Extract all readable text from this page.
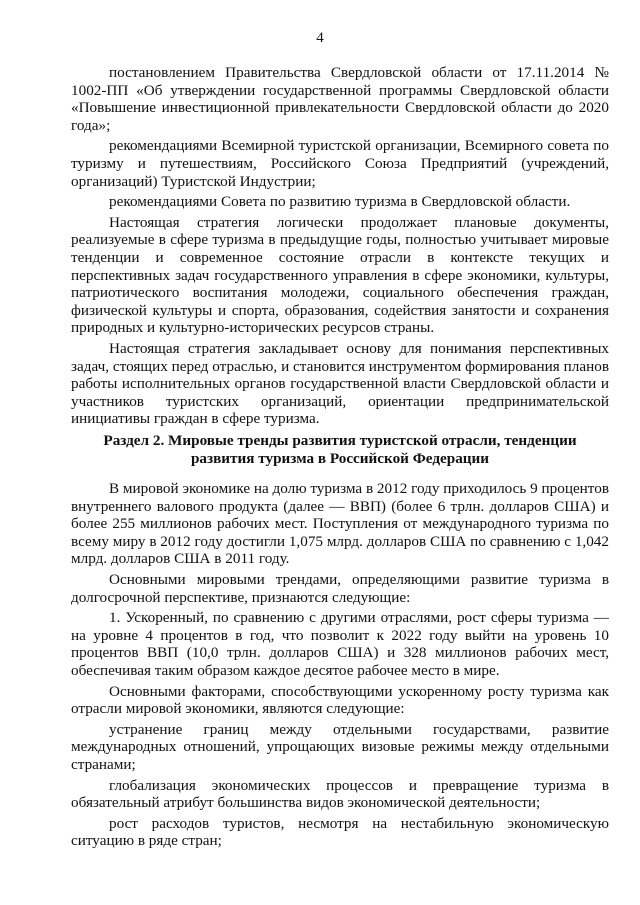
4

постановлением Правительства Свердловской области от 17.11.2014 № 1002-ПП «Об утверждении государственной программы Свердловской области «Повышение инвестиционной привлекательности Свердловской области до 2020 года»;

рекомендациями Всемирной туристской организации, Всемирного совета по туризму и путешествиям, Российского Союза Предприятий (учреждений, организаций) Туристской Индустрии;

рекомендациями Совета по развитию туризма в Свердловской области.

Настоящая стратегия логически продолжает плановые документы, реализуемые в сфере туризма в предыдущие годы, полностью учитывает мировые тенденции и современное состояние отрасли в контексте текущих и перспективных задач государственного управления в сфере экономики, культуры, патриотического воспитания молодежи, социального обеспечения граждан, физической культуры и спорта, образования, содействия занятости и сохранения природных и культурно-исторических ресурсов страны.

Настоящая стратегия закладывает основу для понимания перспективных задач, стоящих перед отраслью, и становится инструментом формирования планов работы исполнительных органов государственной власти Свердловской области и участников туристских организаций, ориентации предпринимательской инициативы граждан в сфере туризма.

Раздел 2. Мировые тренды развития туристской отрасли, тенденции развития туризма в Российской Федерации

В мировой экономике на долю туризма в 2012 году приходилось 9 процентов внутреннего валового продукта (далее — ВВП) (более 6 трлн. долларов США) и более 255 миллионов рабочих мест. Поступления от международного туризма по всему миру в 2012 году достигли 1,075 млрд. долларов США по сравнению с 1,042 млрд. долларов США в 2011 году.

Основными мировыми трендами, определяющими развитие туризма в долгосрочной перспективе, признаются следующие:

1. Ускоренный, по сравнению с другими отраслями, рост сферы туризма — на уровне 4 процентов в год, что позволит к 2022 году выйти на уровень 10 процентов ВВП (10,0 трлн. долларов США) и 328 миллионов рабочих мест, обеспечивая таким образом каждое десятое рабочее место в мире.

Основными факторами, способствующими ускоренному росту туризма как отрасли мировой экономики, являются следующие:

устранение границ между отдельными государствами, развитие международных отношений, упрощающих визовые режимы между отдельными странами;

глобализация экономических процессов и превращение туризма в обязательный атрибут большинства видов экономической деятельности;

рост расходов туристов, несмотря на нестабильную экономическую ситуацию в ряде стран;
